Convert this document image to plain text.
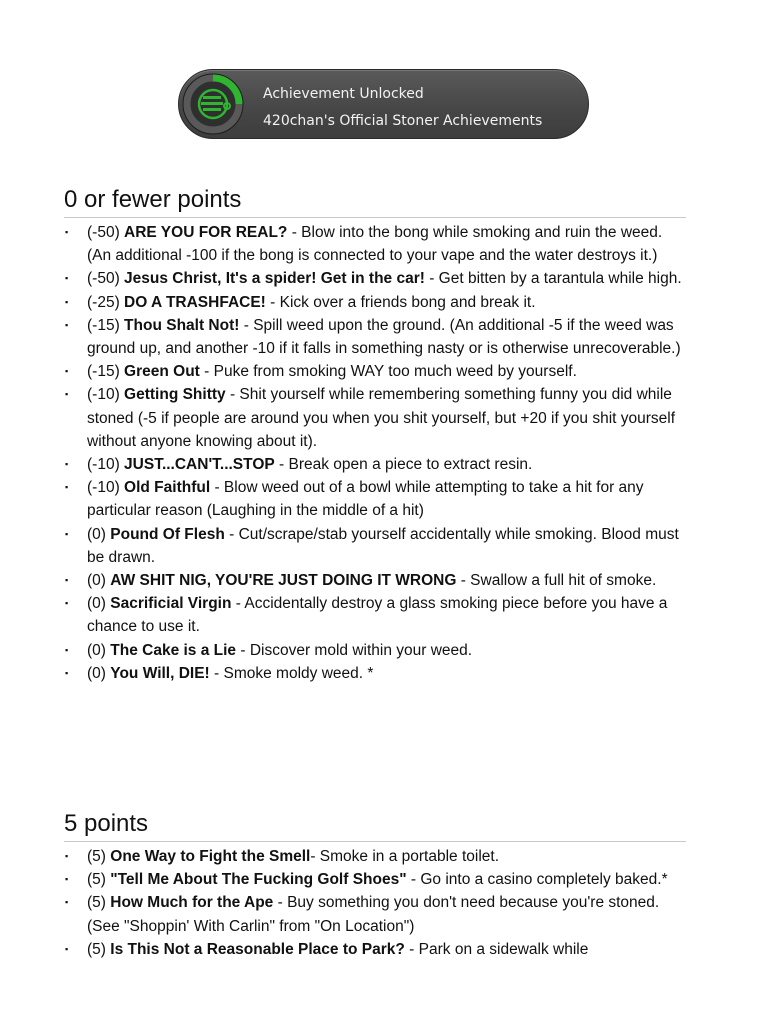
Achievement Unlocked
420chan's Official Stoner Achievements
0 or fewer points
▪ (-50) ARE YOU FOR REAL? - Blow into the bong while smoking and ruin the weed. (An additional -100 if the bong is connected to your vape and the water destroys it.)
▪ (-50) Jesus Christ, It's a spider! Get in the car! - Get bitten by a tarantula while high.
▪ (-25) DO A TRASHFACE! - Kick over a friends bong and break it.
▪ (-15) Thou Shalt Not! - Spill weed upon the ground. (An additional -5 if the weed was ground up, and another -10 if it falls in something nasty or is otherwise unrecoverable.)
▪ (-15) Green Out - Puke from smoking WAY too much weed by yourself.
▪ (-10) Getting Shitty - Shit yourself while remembering something funny you did while stoned (-5 if people are around you when you shit yourself, but +20 if you shit yourself without anyone knowing about it).
▪ (-10) JUST...CAN'T...STOP - Break open a piece to extract resin.
▪ (-10) Old Faithful - Blow weed out of a bowl while attempting to take a hit for any particular reason (Laughing in the middle of a hit)
▪ (0) Pound Of Flesh - Cut/scrape/stab yourself accidentally while smoking. Blood must be drawn.
▪ (0) AW SHIT NIG, YOU'RE JUST DOING IT WRONG - Swallow a full hit of smoke.
▪ (0) Sacrificial Virgin - Accidentally destroy a glass smoking piece before you have a chance to use it.
▪ (0) The Cake is a Lie - Discover mold within your weed.
▪ (0) You Will, DIE! - Smoke moldy weed. *
5 points
▪ (5) One Way to Fight the Smell- Smoke in a portable toilet.
▪ (5) "Tell Me About The Fucking Golf Shoes" - Go into a casino completely baked.*
▪ (5) How Much for the Ape - Buy something you don't need because you're stoned. (See "Shoppin' With Carlin" from "On Location")
▪ (5) Is This Not a Reasonable Place to Park? - Park on a sidewalk while
